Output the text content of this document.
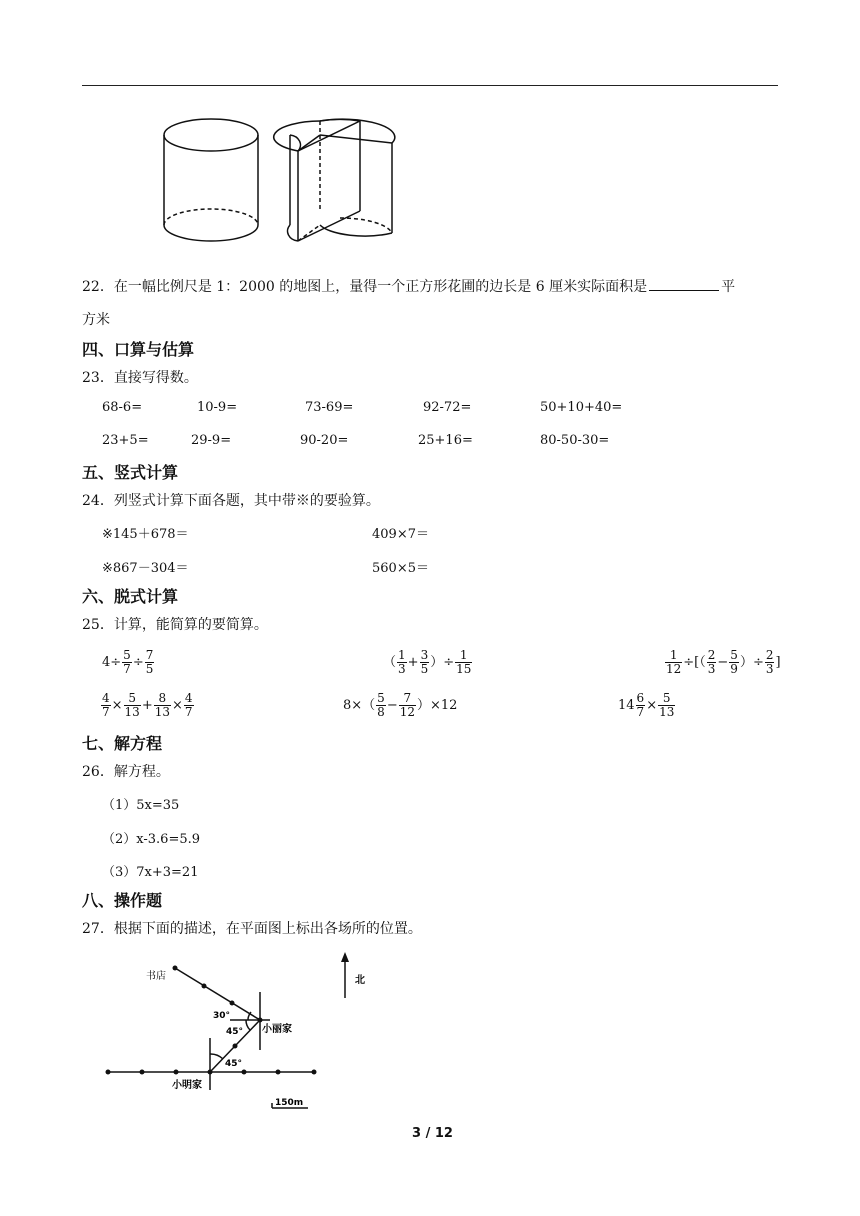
22．在一幅比例尺是 1：2000 的地图上，量得一个正方形花圃的边长是 6 厘米实际面积是	平
方米
四、口算与估算
23．直接写得数。
68-6=	10-9=	73-69=	92-72=	50+10+40=
23+5=	29-9=	90-20=	25+16=	80-50-30=
五、竖式计算
24．列竖式计算下面各题，其中带※的要验算。
※145＋678＝	409×7＝
※867－304＝	560×5＝
六、脱式计算
25．计算，能简算的要简算。
$4\div \frac{5}{7} \div \frac{7}{5}$	（ $\frac{1}{3} + \frac{3}{5}$ ）÷ $\frac{1}{15}$	$\frac{1}{12}$ ÷[（ $\frac{2}{3} - \frac{5}{9}$ ）÷ $\frac{2}{3}$ ]
$\frac{4}{7} \times \frac{5}{13} + \frac{8}{13} \times \frac{4}{7}$	$8\times( \frac{5}{8} - \frac{7}{12} )\times 12$	$14 \frac{6}{7} \times \frac{5}{13}$
七、解方程
26．解方程。
（1）5x=35
（2）x-3.6=5.9
（3）7x+3=21
八、操作题
27．根据下面的描述，在平面图上标出各场所的位置。
书店
小丽家
小明家
北
30°
45°
45°
150m
3 / 12
